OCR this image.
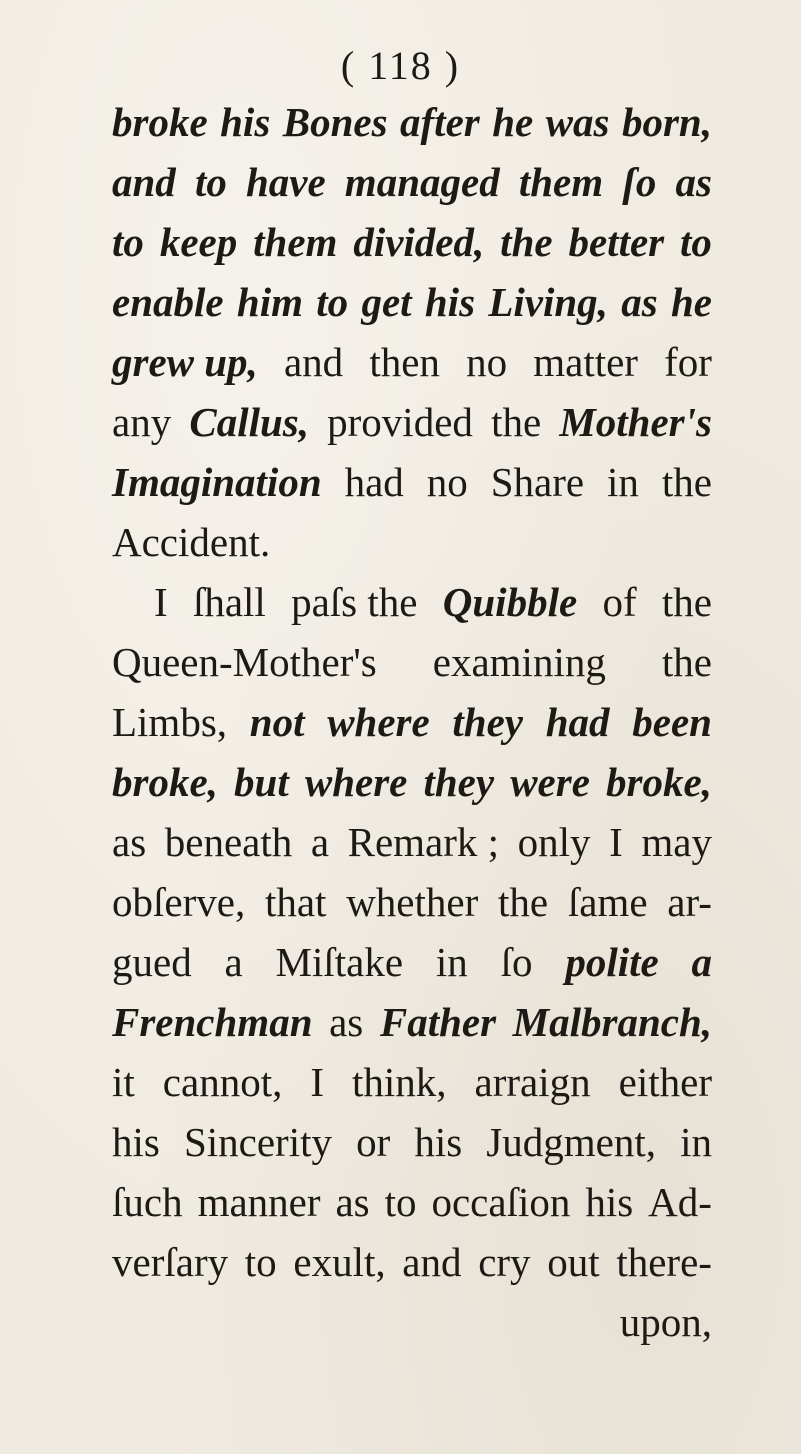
( 118 )
broke his Bones after he was born,
and to have managed them ſo as
to keep them divided, the better to
enable him to get his Living, as he
grew up, and then no matter for
any Callus, provided the Mother's
Imagination had no Share in the
Accident.
I ſhall paſs the Quibble of the
Queen-Mother's examining the
Limbs, not where they had been
broke, but where they were broke,
as beneath a Remark ; only I may
obſerve, that whether the ſame ar-
gued a Miſtake in ſo polite a
Frenchman as Father Malbranch,
it cannot, I think, arraign either
his Sincerity or his Judgment, in
ſuch manner as to occaſion his Ad-
verſary to exult, and cry out there-
upon,
